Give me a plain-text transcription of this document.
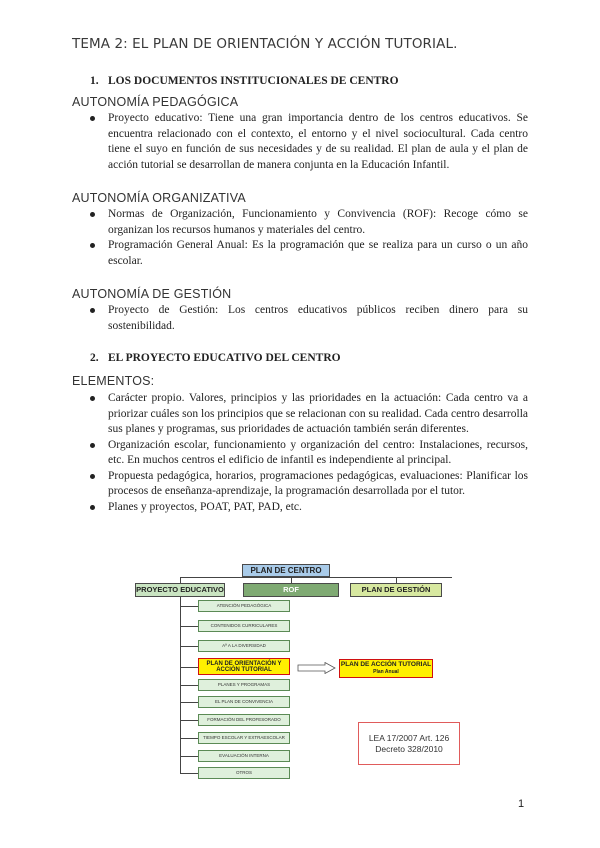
TEMA 2: EL PLAN DE ORIENTACIÓN Y ACCIÓN TUTORIAL.
1. LOS DOCUMENTOS INSTITUCIONALES DE CENTRO
AUTONOMÍA PEDAGÓGICA
Proyecto educativo: Tiene una gran importancia dentro de los centros educativos. Se encuentra relacionado con el contexto, el entorno y el nivel sociocultural. Cada centro tiene el suyo en función de sus necesidades y de su realidad. El plan de aula y el plan de acción tutorial se desarrollan de manera conjunta en la Educación Infantil.
AUTONOMÍA ORGANIZATIVA
Normas de Organización, Funcionamiento y Convivencia (ROF): Recoge cómo se organizan los recursos humanos y materiales del centro.
Programación General Anual: Es la programación que se realiza para un curso o un año escolar.
AUTONOMÍA DE GESTIÓN
Proyecto de Gestión: Los centros educativos públicos reciben dinero para su sostenibilidad.
2. EL PROYECTO EDUCATIVO DEL CENTRO
ELEMENTOS:
Carácter propio. Valores, principios y las prioridades en la actuación: Cada centro va a priorizar cuáles son los principios que se relacionan con su realidad. Cada centro desarrolla sus planes y programas, sus prioridades de actuación también serán diferentes.
Organización escolar, funcionamiento y organización del centro: Instalaciones, recursos, etc. En muchos centros el edificio de infantil es independiente al principal.
Propuesta pedagógica, horarios, programaciones pedagógicas, evaluaciones: Planificar los procesos de enseñanza-aprendizaje, la programación desarrollada por el tutor.
Planes y proyectos, POAT, PAT, PAD, etc.
PLAN DE CENTRO
PROYECTO EDUCATIVO	ROF	PLAN DE GESTIÓN
ATENCIÓN PEDAGÓGICA
CONTENIDOS CURRICULARES
Aª A LA DIVERSIDAD
PLAN DE ORIENTACIÓN Y ACCIÓN TUTORIAL
PLANES Y PROGRAMAS
EL PLAN DE CONVIVENCIA
FORMACIÓN DEL PROFESORADO
TIEMPO ESCOLAR Y EXTRAESCOLAR
EVALUACIÓN INTERNA
OTROS
PLAN DE ACCIÓN TUTORIAL
Plan Anual
LEA 17/2007 Art. 126
Decreto 328/2010
1
